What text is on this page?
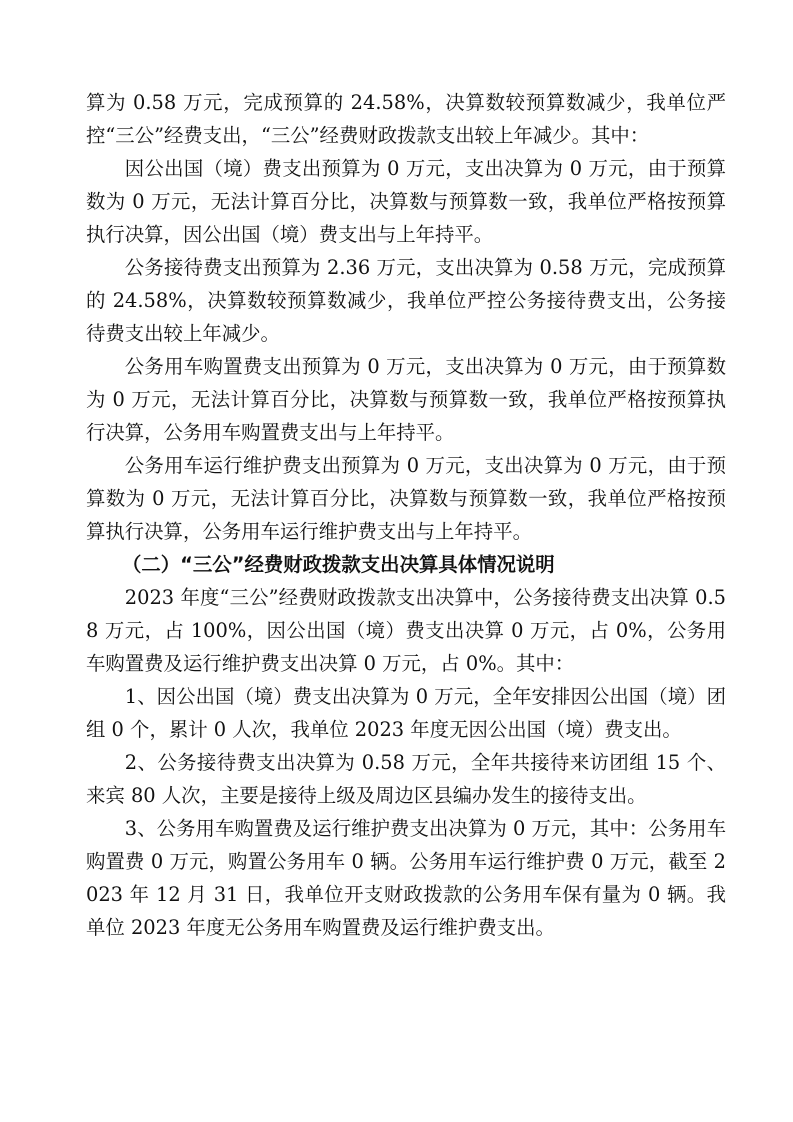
算为 0.58 万元，完成预算的 24.58%，决算数较预算数减少，我单位严控“三公”经费支出，“三公”经费财政拨款支出较上年减少。其中：

因公出国（境）费支出预算为 0 万元，支出决算为 0 万元，由于预算数为 0 万元，无法计算百分比，决算数与预算数一致，我单位严格按预算执行决算，因公出国（境）费支出与上年持平。

公务接待费支出预算为 2.36 万元，支出决算为 0.58 万元，完成预算的 24.58%，决算数较预算数减少，我单位严控公务接待费支出，公务接待费支出较上年减少。

公务用车购置费支出预算为 0 万元，支出决算为 0 万元，由于预算数为 0 万元，无法计算百分比，决算数与预算数一致，我单位严格按预算执行决算，公务用车购置费支出与上年持平。

公务用车运行维护费支出预算为 0 万元，支出决算为 0 万元，由于预算数为 0 万元，无法计算百分比，决算数与预算数一致，我单位严格按预算执行决算，公务用车运行维护费支出与上年持平。

（二）“三公”经费财政拨款支出决算具体情况说明

2023 年度“三公”经费财政拨款支出决算中，公务接待费支出决算 0.58 万元，占 100%，因公出国（境）费支出决算 0 万元，占 0%，公务用车购置费及运行维护费支出决算 0 万元，占 0%。其中：

1、因公出国（境）费支出决算为 0 万元，全年安排因公出国（境）团组 0 个，累计 0 人次，我单位 2023 年度无因公出国（境）费支出。

2、公务接待费支出决算为 0.58 万元，全年共接待来访团组 15 个、来宾 80 人次，主要是接待上级及周边区县编办发生的接待支出。

3、公务用车购置费及运行维护费支出决算为 0 万元，其中：公务用车购置费 0 万元，购置公务用车 0 辆。公务用车运行维护费 0 万元，截至 2023 年 12 月 31 日，我单位开支财政拨款的公务用车保有量为 0 辆。我单位 2023 年度无公务用车购置费及运行维护费支出。
